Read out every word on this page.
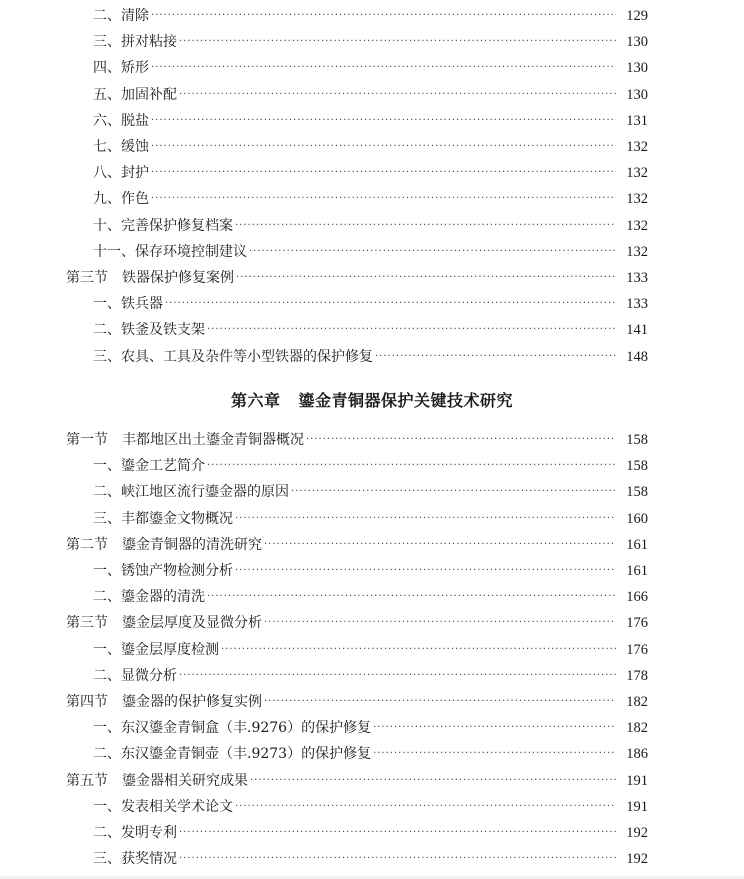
二、清除 ·····	129
三、拼对粘接 ·····	130
四、矫形 ·····	130
五、加固补配 ·····	130
六、脱盐 ·····	131
七、缓蚀 ·····	132
八、封护 ·····	132
九、作色 ·····	132
十、完善保护修复档案 ·····	132
十一、保存环境控制建议 ·····	132
第三节 铁器保护修复案例 ·····	133
一、铁兵器 ·····	133
二、铁釜及铁支架 ·····	141
三、农具、工具及杂件等小型铁器的保护修复 ·····	148
第六章 鎏金青铜器保护关键技术研究
第一节 丰都地区出土鎏金青铜器概况 ·····	158
一、鎏金工艺简介 ·····	158
二、峡江地区流行鎏金器的原因 ·····	158
三、丰都鎏金文物概况 ·····	160
第二节 鎏金青铜器的清洗研究 ·····	161
一、锈蚀产物检测分析 ·····	161
二、鎏金器的清洗 ·····	166
第三节 鎏金层厚度及显微分析 ·····	176
一、鎏金层厚度检测 ·····	176
二、显微分析 ·····	178
第四节 鎏金器的保护修复实例 ·····	182
一、东汉鎏金青铜盒（丰.9276）的保护修复 ·····	182
二、东汉鎏金青铜壶（丰.9273）的保护修复 ·····	186
第五节 鎏金器相关研究成果 ·····	191
一、发表相关学术论文 ·····	191
二、发明专利 ·····	192
三、获奖情况 ·····	192
